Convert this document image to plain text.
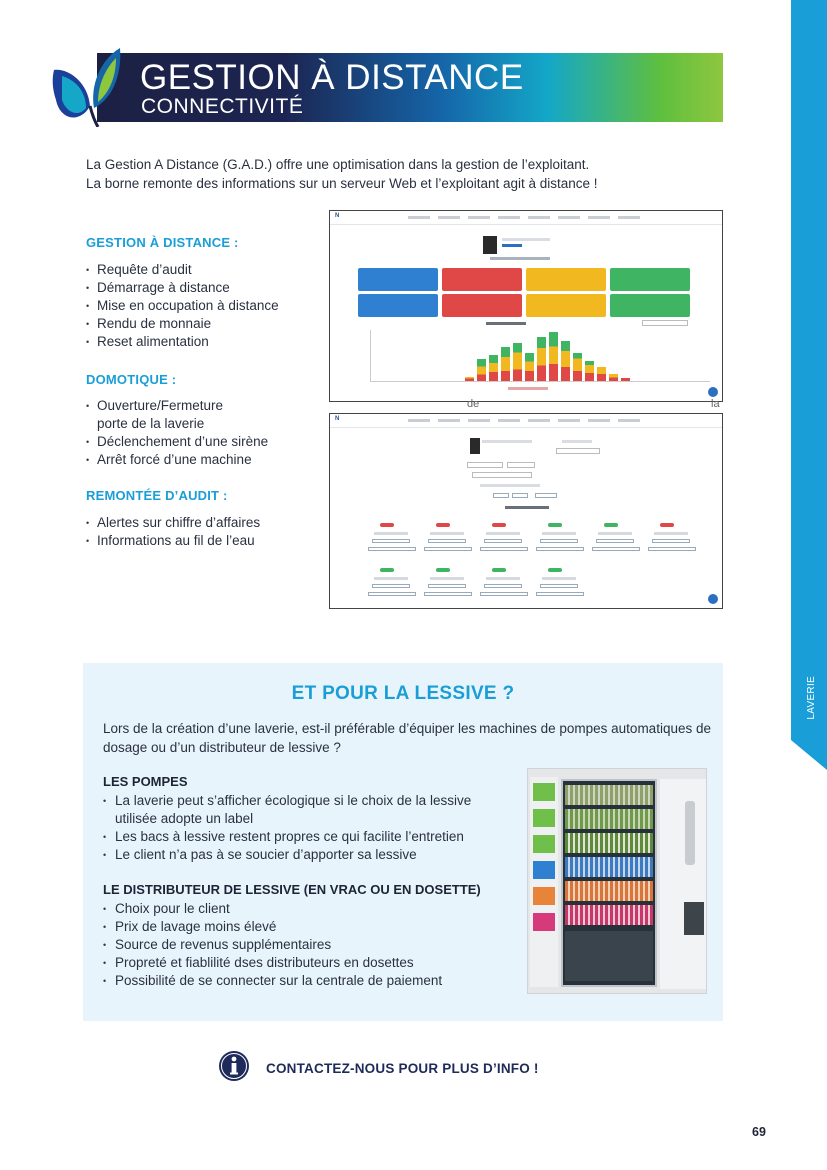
LAVERIE
GESTION À DISTANCE
CONNECTIVITÉ
La Gestion A Distance (G.A.D.) offre une optimisation dans la gestion de l’exploitant.
La borne remonte des informations sur un serveur Web et l’exploitant agit à distance !
GESTION À DISTANCE :
• Requête d’audit
• Démarrage à distance
• Mise en occupation à distance
• Rendu de monnaie
• Reset alimentation
DOMOTIQUE :
• Ouverture/Fermeture
porte de la laverie
• Déclenchement d’une sirène
• Arrêt forcé d’une machine
REMONTÉE D’AUDIT :
• Alertes sur chiffre d’affaires
• Informations au fil de l’eau
N
de	la
N
ET POUR LA LESSIVE ?
Lors de la création d’une laverie, est-il préférable d’équiper les machines de pompes automatiques de dosage ou d’un distributeur de lessive ?
LES POMPES
• La laverie peut s’afficher écologique si le choix de la lessive
utilisée adopte un label
• Les bacs à lessive restent propres ce qui facilite l’entretien
• Le client n’a pas à se soucier d’apporter sa lessive
LE DISTRIBUTEUR DE LESSIVE (EN VRAC OU EN DOSETTE)
• Choix pour le client
• Prix de lavage moins élevé
• Source de revenus supplémentaires
• Propreté et fiablilité dses distributeurs en dosettes
• Possibilité de se connecter sur la centrale de paiement
CONTACTEZ-NOUS POUR PLUS D’INFO !
69
